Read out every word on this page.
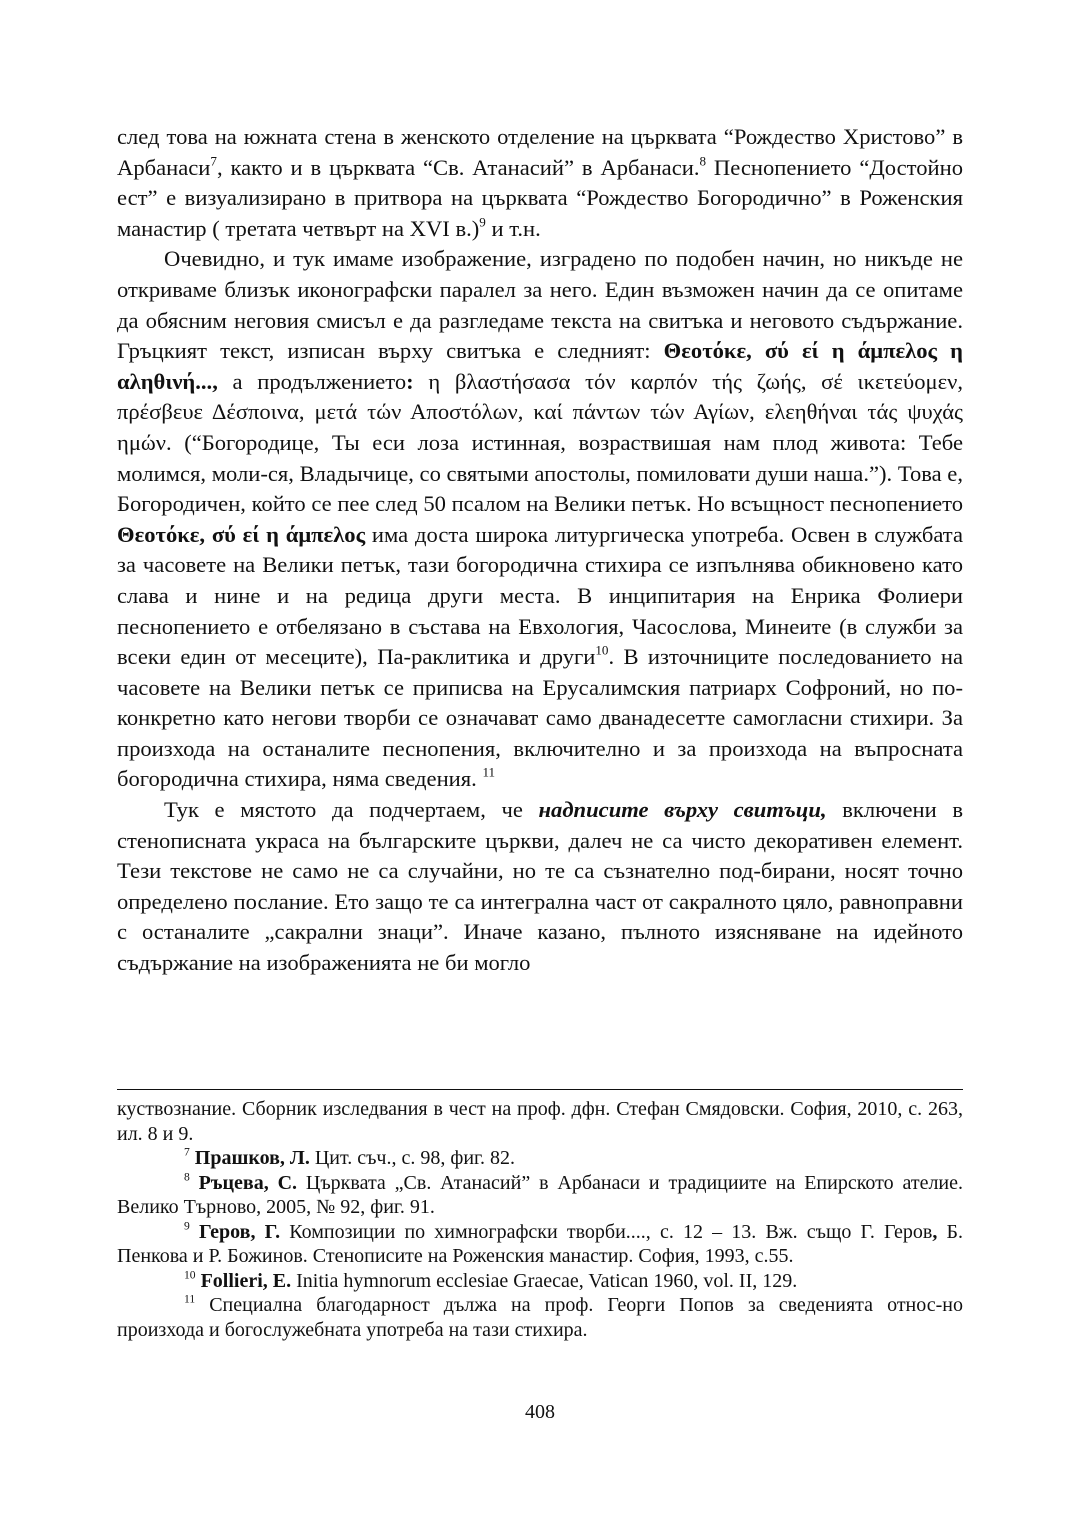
след това на южната стена в женското отделение на църквата “Рождество Христово” в Арбанаси$^7$, както и в църквата “Св. Атанасий” в Арбанаси.$^8$ Песнопението “Достойно ест” е визуализирано в притвора на църквата “Рождество Богородично” в Роженския манастир ( третата четвърт на XVI в.)$^9$ и т.н.

Очевидно, и тук имаме изображение, изградено по подобен начин, но никъде не откриваме близък иконографски паралел за него. Един възможен начин да се опитаме да обясним неговия смисъл е да разгледаме текста на свитъка и неговото съдържание. Гръцкият текст, изписан върху свитъка е следният: Θεοτόκε, σύ εί η άμπελος η αληθινή..., а продължението: η βλαστήσασα τόν καρπόν τής ζωής, σέ ικετεύομεν, πρέσβευε Δέσποινα, μετά τών Αποστόλων, καί πάντων τών Αγίων, ελεηθήναι τάς ψυχάς ημών. (“Богородице, Ты еси лоза истинная, возраствишая нам плод живота: Тебе молимся, моли-ся, Владычице, со святыми апостолы, помиловати души наша.”). Това е, Богородичен, който се пее след 50 псалом на Велики петък. Но всъщност песнопението Θεοτόκε, σύ εί η άμπελος има доста широка литургическа употреба. Освен в службата за часовете на Велики петък, тази богородична стихира се изпълнява обикновено като слава и нине и на редица други места. В инципитария на Енрика Фолиери песнопението е отбелязано в състава на Евхология, Часослова, Минеите (в служби за всеки един от месеците), Па-раклитика и други$^{10}$. В източниците последованието на часовете на Велики петък се приписва на Ерусалимския патриарх Софроний, но по-конкретно като негови творби се означават само дванадесетте самогласни стихири. За произхода на останалите песнопения, включително и за произхода на въпросната богородична стихира, няма сведения. $^{11}$

Тук е мястото да подчертаем, че надписите върху свитъци, включени в стенописната украса на българските църкви, далеч не са чисто декоративен елемент. Тези текстове не само не са случайни, но те са съзнателно под-бирани, носят точно определено послание. Ето защо те са интегрална част от сакралното цяло, равноправни с останалите „сакрални знаци”. Иначе казано, пълното изясняване на идейното съдържание на изображенията не би могло

куствознание. Сборник изследвания в чест на проф. дфн. Стефан Смядовски. София, 2010, с. 263, ил. 8 и 9.

$^7$ Прашков, Л. Цит. съч., с. 98, фиг. 82.

$^8$ Ръцева, С. Църквата „Св. Атанасий” в Арбанаси и традициите на Епирското ателие. Велико Търново, 2005, № 92, фиг. 91.

$^9$ Геров, Г. Композиции по химнографски творби...., с. 12 – 13. Вж. също Г. Геров, Б. Пенкова и Р. Божинов. Стенописите на Роженския манастир. София, 1993, с.55.

$^{10}$ Follieri, E. Initia hymnorum ecclesiae Graecae, Vatican 1960, vol. II, 129.

$^{11}$ Специална благодарност дължа на проф. Георги Попов за сведенията относ-но произхода и богослужебната употреба на тази стихира.

408
